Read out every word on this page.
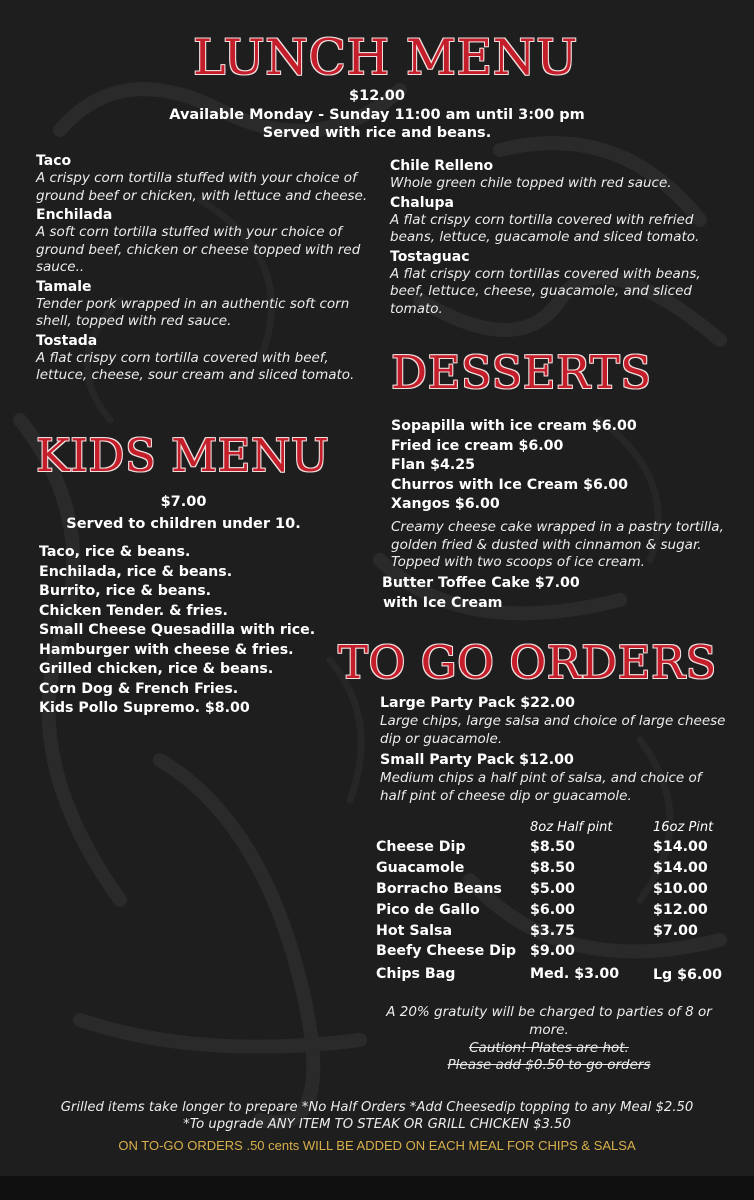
LUNCH MENU
$12.00
Available Monday - Sunday 11:00 am until 3:00 pm
Served with rice and beans.
Taco
A crispy corn tortilla stuffed with your choice of ground beef or chicken, with lettuce and cheese.
Enchilada
A soft corn tortilla stuffed with your choice of ground beef, chicken or cheese topped with red sauce..
Tamale
Tender pork wrapped in an authentic soft corn shell, topped with red sauce.
Tostada
A flat crispy corn tortilla covered with beef, lettuce, cheese, sour cream and sliced tomato.
Chile Relleno
Whole green chile topped with red sauce.
Chalupa
A flat crispy corn tortilla covered with refried beans, lettuce, guacamole and sliced tomato.
Tostaguac
A flat crispy corn tortillas covered with beans, beef, lettuce, cheese, guacamole, and sliced tomato.
KIDS MENU
$7.00
Served to children under 10.
Taco, rice & beans.
Enchilada, rice & beans.
Burrito, rice & beans.
Chicken Tender. & fries.
Small Cheese Quesadilla with rice.
Hamburger with cheese & fries.
Grilled chicken, rice & beans.
Corn Dog & French Fries.
Kids Pollo Supremo. $8.00
DESSERTS
Sopapilla with ice cream $6.00
Fried ice cream $6.00
Flan $4.25
Churros with Ice Cream $6.00
Xangos $6.00
Creamy cheese cake wrapped in a pastry tortilla, golden fried & dusted with cinnamon & sugar. Topped with two scoops of ice cream.
Butter Toffee Cake $7.00
with Ice Cream
TO GO ORDERS
Large Party Pack $22.00
Large chips, large salsa and choice of large cheese dip or guacamole.
Small Party Pack $12.00
Medium chips a half pint of salsa, and choice of half pint of cheese dip or guacamole.
	8oz Half pint	16oz Pint
Cheese Dip	$8.50	$14.00
Guacamole	$8.50	$14.00
Borracho Beans	$5.00	$10.00
Pico de Gallo	$6.00	$12.00
Hot Salsa	$3.75	$7.00
Beefy Cheese Dip	$9.00	
Chips Bag	Med. $3.00	Lg $6.00
A 20% gratuity will be charged to parties of 8 or more.
Caution! Plates are hot.
Please add $0.50 to go orders
Grilled items take longer to prepare *No Half Orders *Add Cheesedip topping to any Meal $2.50
*To upgrade ANY ITEM TO STEAK OR GRILL CHICKEN $3.50
ON TO-GO ORDERS .50 cents WILL BE ADDED ON EACH MEAL FOR CHIPS & SALSA
